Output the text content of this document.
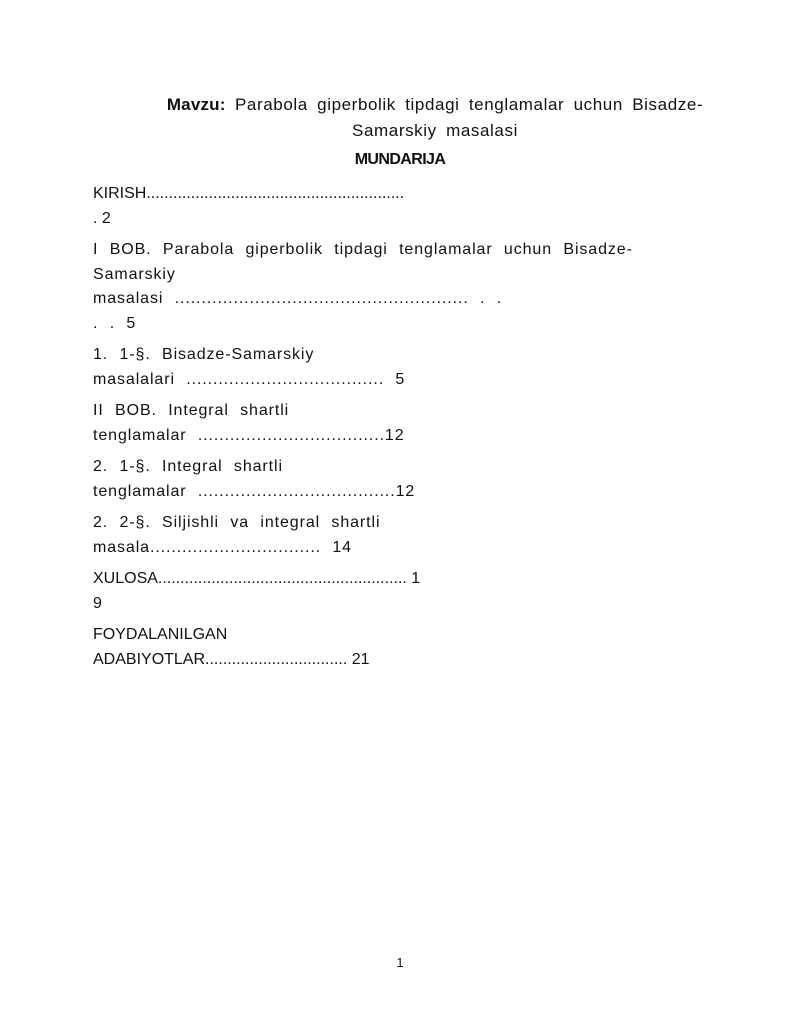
Mavzu: Parabola giperbolik tipdagi tenglamalar uchun Bisadze-
Samarskiy masalasi
MUNDARIJA
KIRISH..........................................................
. 2
I BOB. Parabola giperbolik tipdagi tenglamalar uchun Bisadze-
Samarskiy
masalasi ....................................................... . .
. . 5
1. 1-§. Bisadze-Samarskiy
masalalari ..................................... 5
II BOB. Integral shartli
tenglamalar ...................................12
2. 1-§. Integral shartli
tenglamalar .....................................12
2. 2-§. Siljishli va integral shartli
masala................................ 14
XULOSA........................................................ 1
9
FOYDALANILGAN
ADABIYOTLAR................................ 21
1
